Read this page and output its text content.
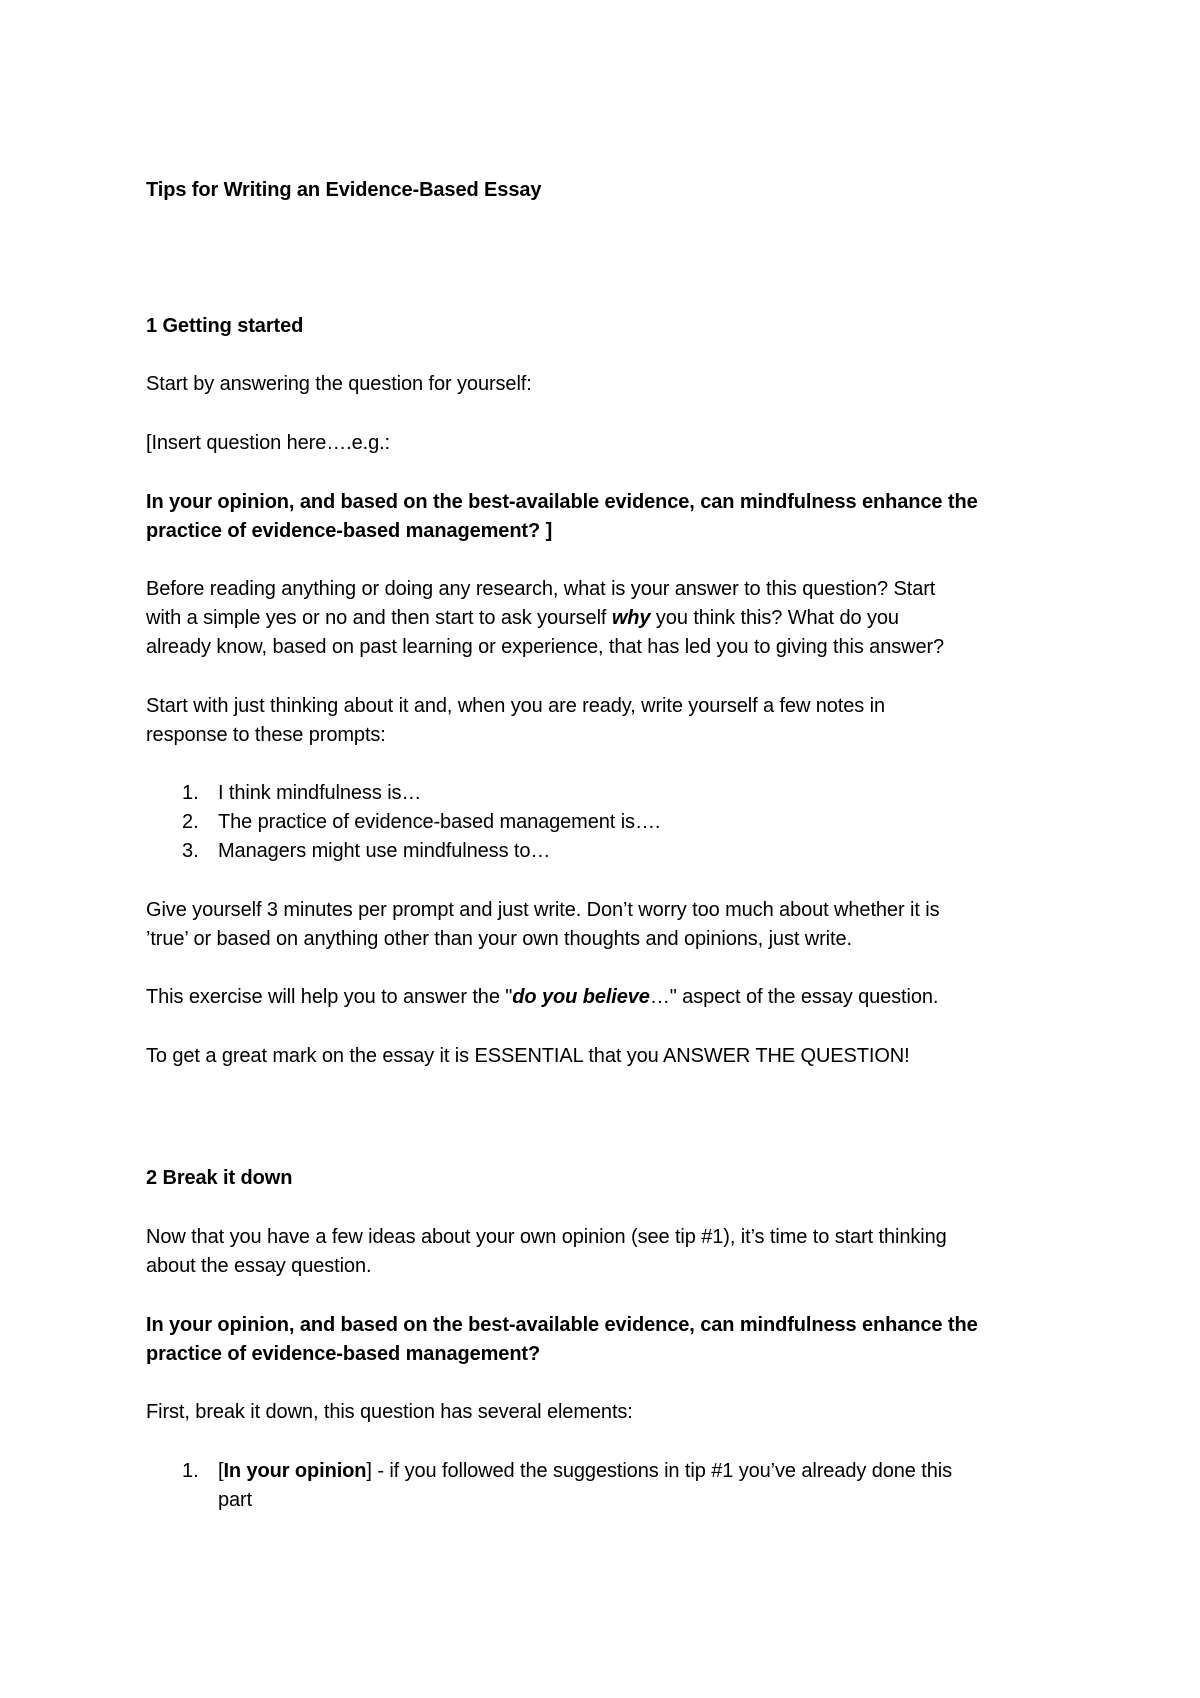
Tips for Writing an Evidence-Based Essay
1 Getting started
Start by answering the question for yourself:
[Insert question here….e.g.:
In your opinion, and based on the best-available evidence, can mindfulness enhance the
practice of evidence-based management? ]
Before reading anything or doing any research, what is your answer to this question? Start
with a simple yes or no and then start to ask yourself why you think this? What do you
already know, based on past learning or experience, that has led you to giving this answer?
Start with just thinking about it and, when you are ready, write yourself a few notes in
response to these prompts:
1. I think mindfulness is…
2. The practice of evidence-based management is….
3. Managers might use mindfulness to…
Give yourself 3 minutes per prompt and just write. Don’t worry too much about whether it is
’true’ or based on anything other than your own thoughts and opinions, just write.
This exercise will help you to answer the "do you believe…" aspect of the essay question.
To get a great mark on the essay it is ESSENTIAL that you ANSWER THE QUESTION!
2 Break it down
Now that you have a few ideas about your own opinion (see tip #1), it’s time to start thinking
about the essay question.
In your opinion, and based on the best-available evidence, can mindfulness enhance the
practice of evidence-based management?
First, break it down, this question has several elements:
1. [In your opinion] - if you followed the suggestions in tip #1 you’ve already done this
part
